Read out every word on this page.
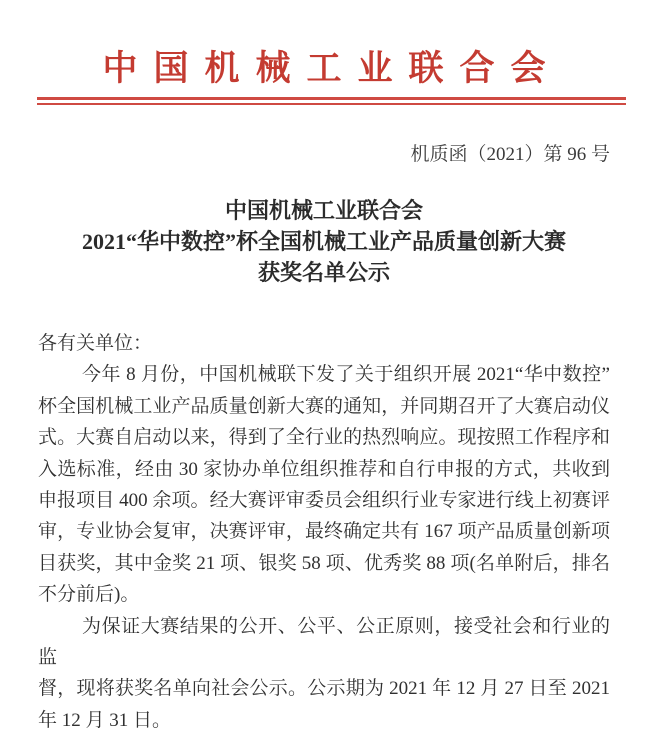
中国机械工业联合会
机质函（2021）第 96 号
中国机械工业联合会
2021“华中数控”杯全国机械工业产品质量创新大赛
获奖名单公示
各有关单位：
今年 8 月份，中国机械联下发了关于组织开展 2021“华中数控”
杯全国机械工业产品质量创新大赛的通知，并同期召开了大赛启动仪
式。大赛自启动以来，得到了全行业的热烈响应。现按照工作程序和
入选标准，经由 30 家协办单位组织推荐和自行申报的方式，共收到
申报项目 400 余项。经大赛评审委员会组织行业专家进行线上初赛评
审，专业协会复审，决赛评审，最终确定共有 167 项产品质量创新项
目获奖，其中金奖 21 项、银奖 58 项、优秀奖 88 项(名单附后，排名
不分前后)。
为保证大赛结果的公开、公平、公正原则，接受社会和行业的监
督，现将获奖名单向社会公示。公示期为 2021 年 12 月 27 日至 2021
年 12 月 31 日。
